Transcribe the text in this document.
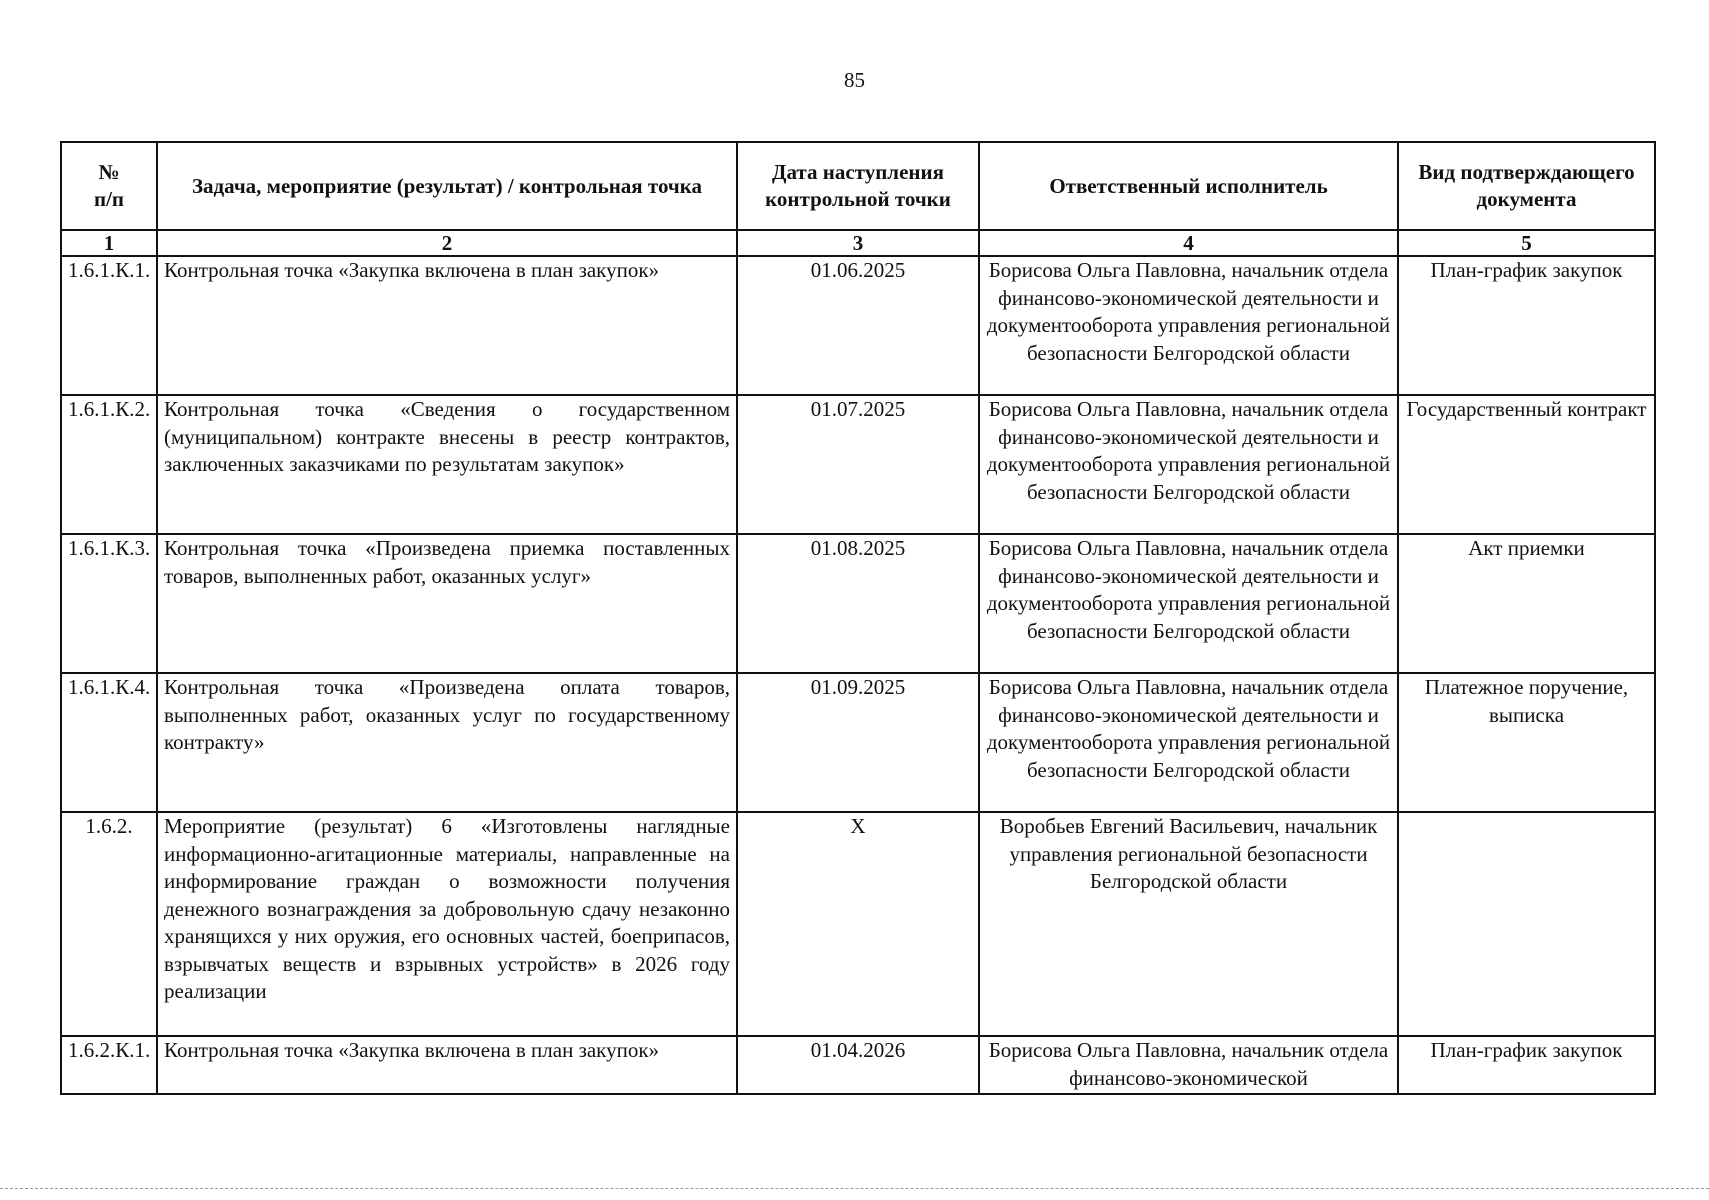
85
№
п/п	Задача, мероприятие (результат) / контрольная точка	Дата наступления контрольной точки	Ответственный исполнитель	Вид подтверждающего документа
1	2	3	4	5
1.6.1.К.1.	Контрольная точка «Закупка включена в план закупок»	01.06.2025	Борисова Ольга Павловна, начальник отдела финансово-экономической деятельности и документооборота управления региональной безопасности Белгородской области	План-график закупок
1.6.1.К.2.	Контрольная точка «Сведения о государственном (муниципальном) контракте внесены в реестр контрактов, заключенных заказчиками по результатам закупок»	01.07.2025	Борисова Ольга Павловна, начальник отдела финансово-экономической деятельности и документооборота управления региональной безопасности Белгородской области	Государственный контракт
1.6.1.К.3.	Контрольная точка «Произведена приемка поставленных товаров, выполненных работ, оказанных услуг»	01.08.2025	Борисова Ольга Павловна, начальник отдела финансово-экономической деятельности и документооборота управления региональной безопасности Белгородской области	Акт приемки
1.6.1.К.4.	Контрольная точка «Произведена оплата товаров, выполненных работ, оказанных услуг по государственному контракту»	01.09.2025	Борисова Ольга Павловна, начальник отдела финансово-экономической деятельности и документооборота управления региональной безопасности Белгородской области	Платежное поручение, выписка
1.6.2.	Мероприятие (результат) 6 «Изготовлены наглядные информационно-агитационные материалы, направленные на информирование граждан о возможности получения денежного вознаграждения за добровольную сдачу незаконно хранящихся у них оружия, его основных частей, боеприпасов, взрывчатых веществ и взрывных устройств» в 2026 году реализации	X	Воробьев Евгений Васильевич, начальник управления региональной безопасности Белгородской области	
1.6.2.К.1.	Контрольная точка «Закупка включена в план закупок»	01.04.2026	Борисова Ольга Павловна, начальник отдела финансово-экономической	План-график закупок
